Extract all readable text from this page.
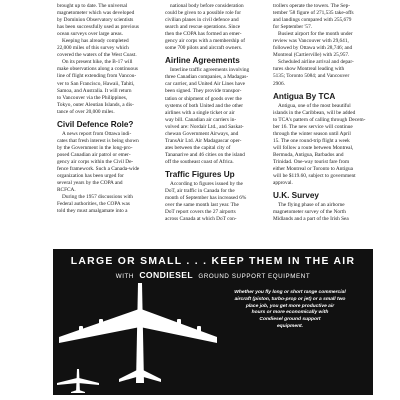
brought up to date. The universal
magnetometer which was developed
by Dominion Observatory scientists
has been successfully used as previous
ocean surveys over large areas.
Keeping has already completed
22,000 miles of this survey which
covered the waters of the West Coast.
On its present hike, the B-17 will
make observations along a continuous
line of flight extending from Vancou-
ver to San Francisco, Hawaii, Tahiti,
Samoa, and Australia. It will return
to Vancouver via the Philippines,
Tokyo, outer Aleutian Islands, a dis-
tance of over 20,000 miles.
Civil Defence Role?
A news report from Ottawa indi-
cates that fresh interest is being shown
by the Government in the long-pro-
posed Canadian air patrol or emer-
gency air corps within the Civil De-
fence framework. Such a Canada-wide
organization has been urged for
several years by the COPA and
RCFCA.
During the 1957 discussions with
Federal authorities, the COPA was
told they must amalgamate into a
national body before consideration
could be given to a possible role for
civilian planes in civil defence and
search and rescue operations. Since
then the COPA has formed an emer-
gency air corps with a membership of
some 700 pilots and aircraft owners.
Airline Agreements
Interline traffic agreements involving
three Canadian companies, a Madagas-
car carrier, and United Air Lines have
been signed. They provide transpor-
tation or shipment of goods over the
systems of both United and the other
airlines with a single ticket or air
way bill. Canadian air carriers in-
volved are: Nordair Ltd., and Saskat-
chewan Government Airways, and
TransAir Ltd. Air Madagascar oper-
ates between the capital city of
Tananarive and 46 cities on the island
off the southeast coast of Africa.
Traffic Figures Up
According to figures issued by the
DoT, air traffic in Canada for the
month of September has increased 6%
over the same month last year. The
DoT report covers the 27 airports
across Canada at which DoT con-
trollers operate the towers. The Sep-
tember '58 figure of 271,535 take-offs
and landings compared with 255,679
for September '57.
Busiest airport for the month under
review was Vancouver with 29,641,
followed by Ottawa with 28,746; and
Montreal (Cartierville) with 25,957.
Scheduled airline arrival and depar-
tures show Montreal leading with
5135; Toronto 5084; and Vancouver
2906.
Antigua By TCA
Antigua, one of the most beautiful
islands in the Caribbean, will be added
to TCA's pattern of calling through Decem-
ber 16. The new service will continue
through the winter season until April
15. The one round-trip flight a week
will follow a route between Montreal,
Bermuda, Antigua, Barbados and
Trinidad. One-way tourist fare from
either Montreal or Toronto to Antigua
will be $119.60, subject to government
approval.
U.K. Survey
The flying phase of an airborne
magnetometer survey of the North
Midlands and a part of the Irish Sea
LARGE OR SMALL . . . KEEP THEM IN THE AIR
WITH CONDIESEL GROUND SUPPORT EQUIPMENT
Whether you fly long or short range commercial
aircraft (piston, turbo-prop or jet) or a small two
place job, you get more productive air
hours or more economically with
Condiesel ground support
equipment.
